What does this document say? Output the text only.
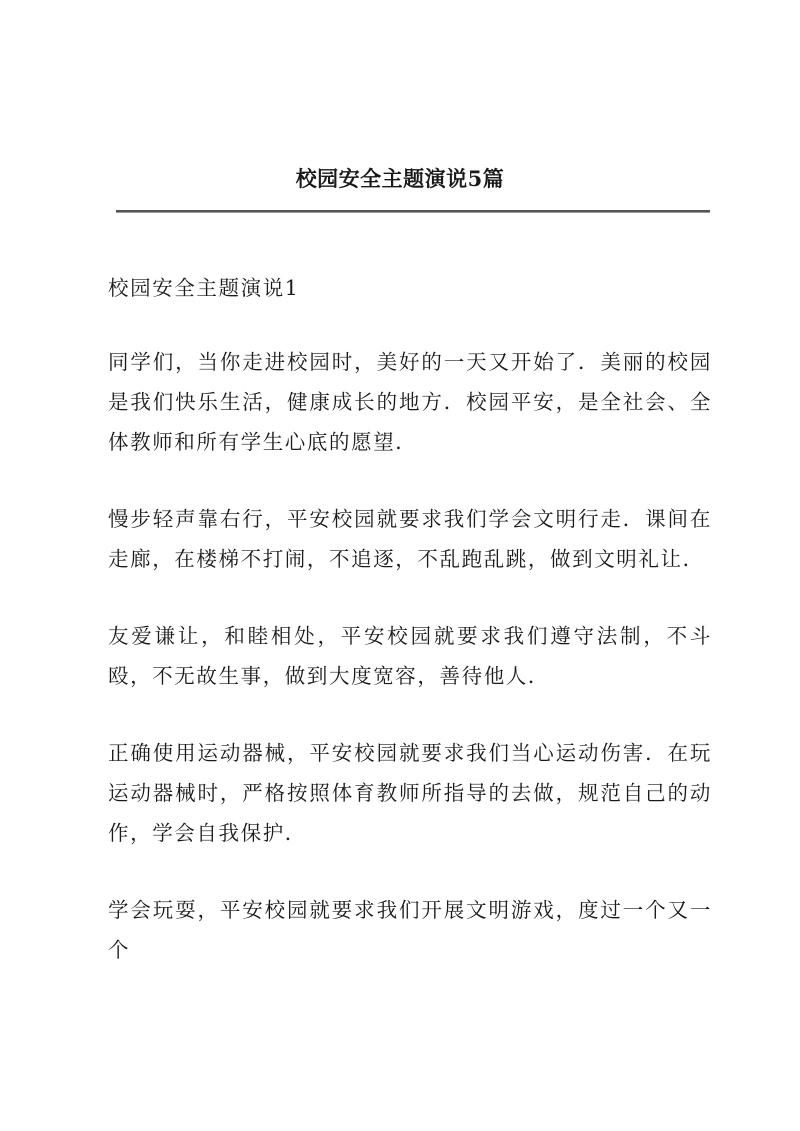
校园安全主题演说5篇
校园安全主题演说1
同学们，当你走进校园时，美好的一天又开始了．美丽的校园是我们快乐生活，健康成长的地方．校园平安，是全社会、全体教师和所有学生心底的愿望．
慢步轻声靠右行，平安校园就要求我们学会文明行走．课间在走廊，在楼梯不打闹，不追逐，不乱跑乱跳，做到文明礼让．
友爱谦让，和睦相处，平安校园就要求我们遵守法制，不斗殴，不无故生事，做到大度宽容，善待他人．
正确使用运动器械，平安校园就要求我们当心运动伤害．在玩运动器械时，严格按照体育教师所指导的去做，规范自己的动作，学会自我保护．
学会玩耍，平安校园就要求我们开展文明游戏，度过一个又一个
